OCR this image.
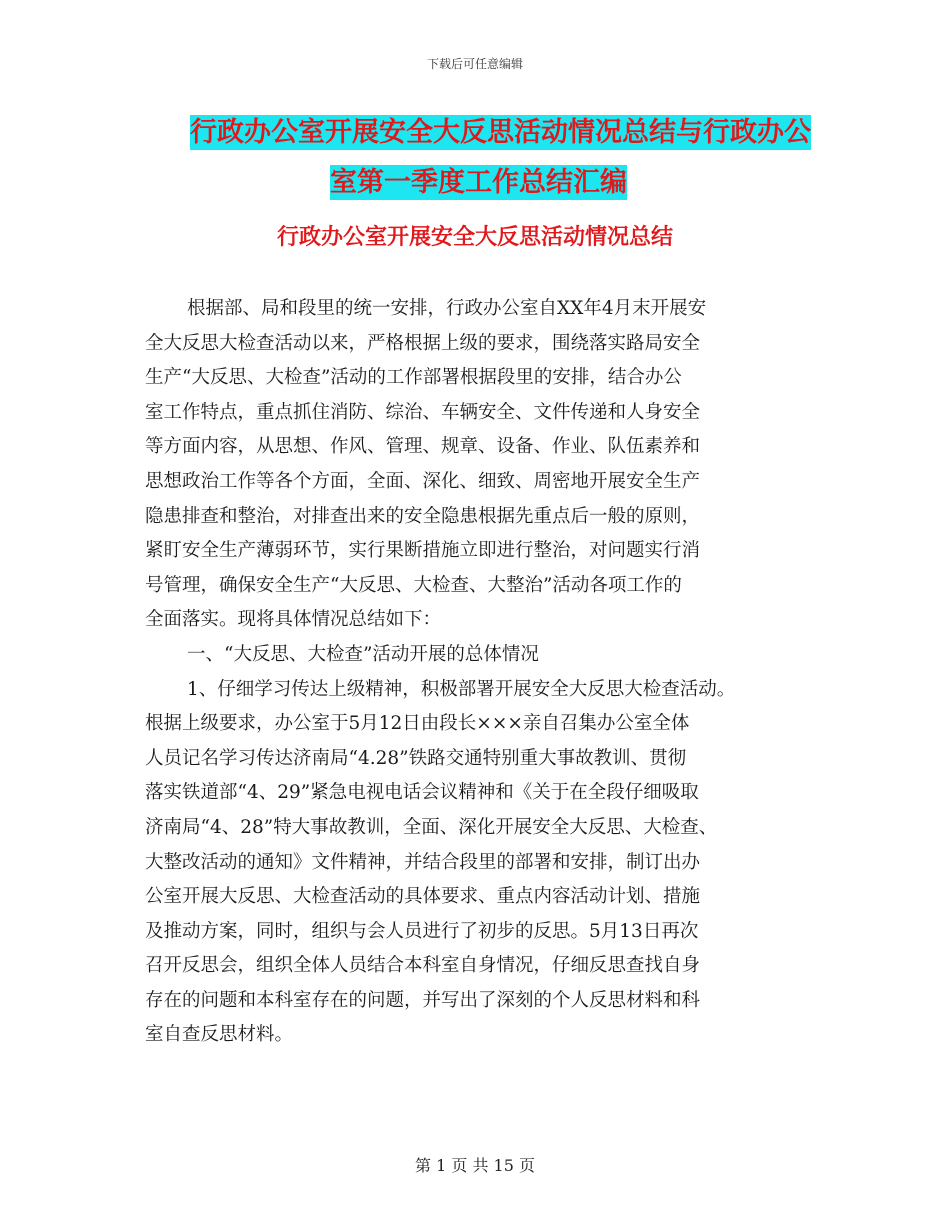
下载后可任意编辑
行政办公室开展安全大反思活动情况总结与行政办公
室第一季度工作总结汇编
行政办公室开展安全大反思活动情况总结
根据部、局和段里的统一安排，行政办公室自XX年4月末开展安
全大反思大检查活动以来，严格根据上级的要求，围绕落实路局安全
生产“大反思、大检查”活动的工作部署根据段里的安排，结合办公
室工作特点，重点抓住消防、综治、车辆安全、文件传递和人身安全
等方面内容，从思想、作风、管理、规章、设备、作业、队伍素养和
思想政治工作等各个方面，全面、深化、细致、周密地开展安全生产
隐患排查和整治，对排查出来的安全隐患根据先重点后一般的原则，
紧盯安全生产薄弱环节，实行果断措施立即进行整治，对问题实行消
号管理，确保安全生产“大反思、大检查、大整治”活动各项工作的
全面落实。现将具体情况总结如下：
一、“大反思、大检查”活动开展的总体情况
1、仔细学习传达上级精神，积极部署开展安全大反思大检查活动。
根据上级要求，办公室于5月12日由段长×××亲自召集办公室全体
人员记名学习传达济南局“4.28”铁路交通特别重大事故教训、贯彻
落实铁道部“4、29”紧急电视电话会议精神和《关于在全段仔细吸取
济南局“4、28”特大事故教训，全面、深化开展安全大反思、大检查、
大整改活动的通知》文件精神，并结合段里的部署和安排，制订出办
公室开展大反思、大检查活动的具体要求、重点内容活动计划、措施
及推动方案，同时，组织与会人员进行了初步的反思。5月13日再次
召开反思会，组织全体人员结合本科室自身情况，仔细反思查找自身
存在的问题和本科室存在的问题，并写出了深刻的个人反思材料和科
室自查反思材料。
第 1 页 共 15 页
